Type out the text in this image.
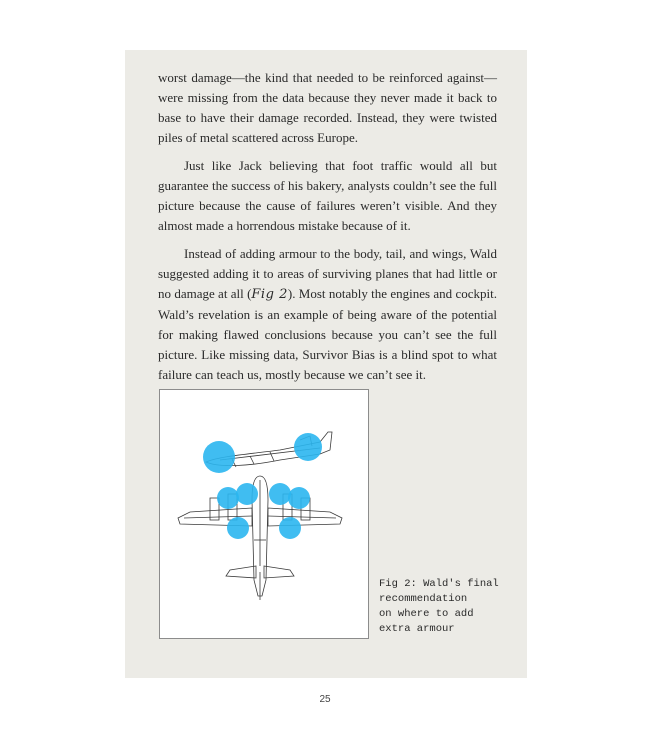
worst damage—the kind that needed to be reinforced against—were missing from the data because they never made it back to base to have their damage recorded. Instead, they were twisted piles of metal scattered across Europe.

Just like Jack believing that foot traffic would all but guarantee the success of his bakery, analysts couldn’t see the full picture because the cause of failures weren’t visible. And they almost made a horrendous mistake because of it.

Instead of adding armour to the body, tail, and wings, Wald suggested adding it to areas of surviving planes that had little or no damage at all (Fig 2). Most notably the engines and cockpit. Wald’s revelation is an example of being aware of the potential for making flawed conclusions because you can’t see the full picture. Like missing data, Survivor Bias is a blind spot to what failure can teach us, mostly because we can’t see it.

Fig 2: Wald's final
recommendation
on where to add
extra armour

25
